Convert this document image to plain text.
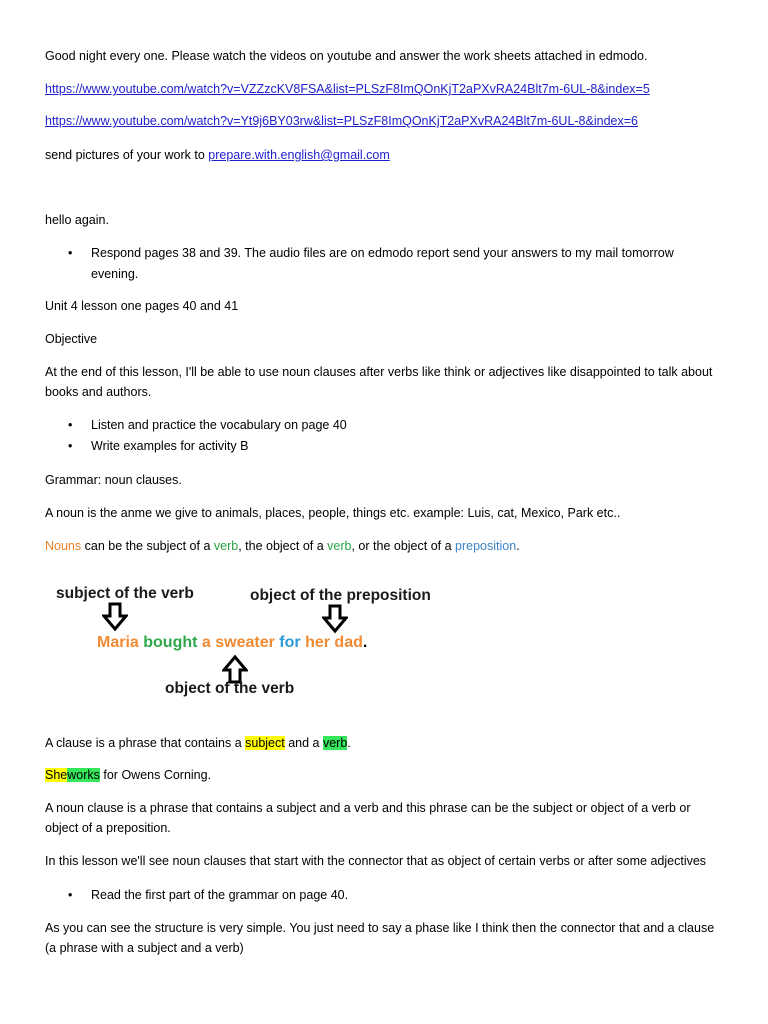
Good night every one. Please watch the videos on youtube and answer the work sheets attached in edmodo.
https://www.youtube.com/watch?v=VZZzcKV8FSA&list=PLSzF8ImQOnKjT2aPXvRA24Blt7m-6UL-8&index=5
https://www.youtube.com/watch?v=Yt9j6BY03rw&list=PLSzF8ImQOnKjT2aPXvRA24Blt7m-6UL-8&index=6
send pictures of your work to prepare.with.english@gmail.com
hello again.
• Respond pages 38 and 39. The audio files are on edmodo report send your answers to my mail tomorrow evening.
Unit 4 lesson one pages 40 and 41
Objective
At the end of this lesson, I'll be able to use noun clauses after verbs like think or adjectives like disappointed to talk about books and authors.
• Listen and practice the vocabulary on page 40
• Write examples for activity B
Grammar: noun clauses.
A noun is the anme we give to animals, places, people, things etc. example: Luis, cat, Mexico, Park etc..
Nouns can be the subject of a verb, the object of a verb, or the object of a preposition.
subject of the verb	object of the preposition
Maria bought a sweater for her dad.
object of the verb
A clause is a phrase that contains a subject and a verb.
Sheworks for Owens Corning.
A noun clause is a phrase that contains a subject and a verb and this phrase can be the subject or object of a verb or object of a preposition.
In this lesson we'll see noun clauses that start with the connector that as object of certain verbs or after some adjectives
• Read the first part of the grammar on page 40.
As you can see the structure is very simple. You just need to say a phase like I think then the connector that and a clause (a phrase with a subject and a verb)
